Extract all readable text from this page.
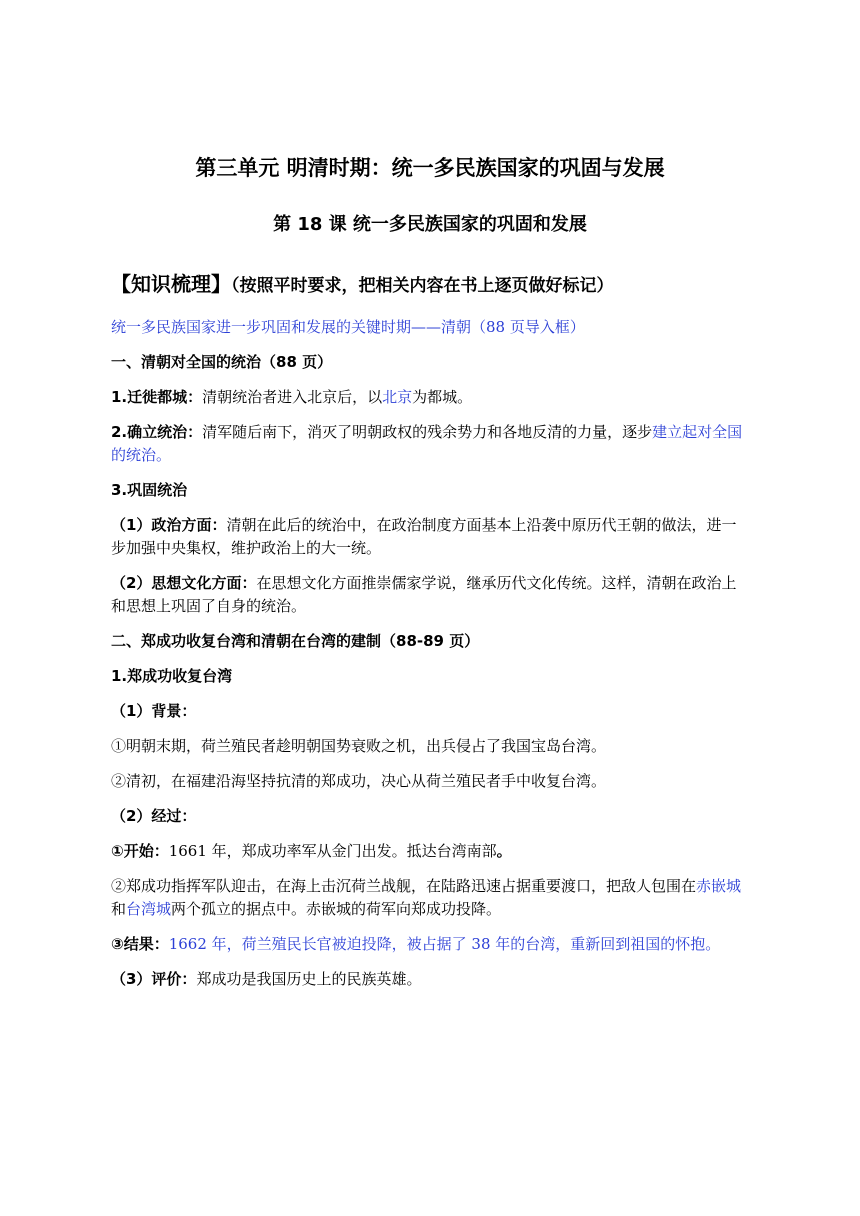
第三单元 明清时期：统一多民族国家的巩固与发展
第 18 课 统一多民族国家的巩固和发展
【知识梳理】（按照平时要求，把相关内容在书上逐页做好标记）

统一多民族国家进一步巩固和发展的关键时期——清朝（88 页导入框）

一、清朝对全国的统治（88 页）

1.迁徙都城：清朝统治者进入北京后，以北京为都城。

2.确立统治：清军随后南下，消灭了明朝政权的残余势力和各地反清的力量，逐步建立起对全国的统治。

3.巩固统治

（1）政治方面：清朝在此后的统治中，在政治制度方面基本上沿袭中原历代王朝的做法，进一步加强中央集权，维护政治上的大一统。

（2）思想文化方面：在思想文化方面推崇儒家学说，继承历代文化传统。这样，清朝在政治上和思想上巩固了自身的统治。

二、郑成功收复台湾和清朝在台湾的建制（88-89 页）

1.郑成功收复台湾

（1）背景：

①明朝末期，荷兰殖民者趁明朝国势衰败之机，出兵侵占了我国宝岛台湾。

②清初，在福建沿海坚持抗清的郑成功，决心从荷兰殖民者手中收复台湾。

（2）经过：

①开始：1661 年，郑成功率军从金门出发。抵达台湾南部。

②郑成功指挥军队迎击，在海上击沉荷兰战舰，在陆路迅速占据重要渡口，把敌人包围在赤嵌城和台湾城两个孤立的据点中。赤嵌城的荷军向郑成功投降。

③结果：1662 年，荷兰殖民长官被迫投降，被占据了 38 年的台湾，重新回到祖国的怀抱。

（3）评价：郑成功是我国历史上的民族英雄。
